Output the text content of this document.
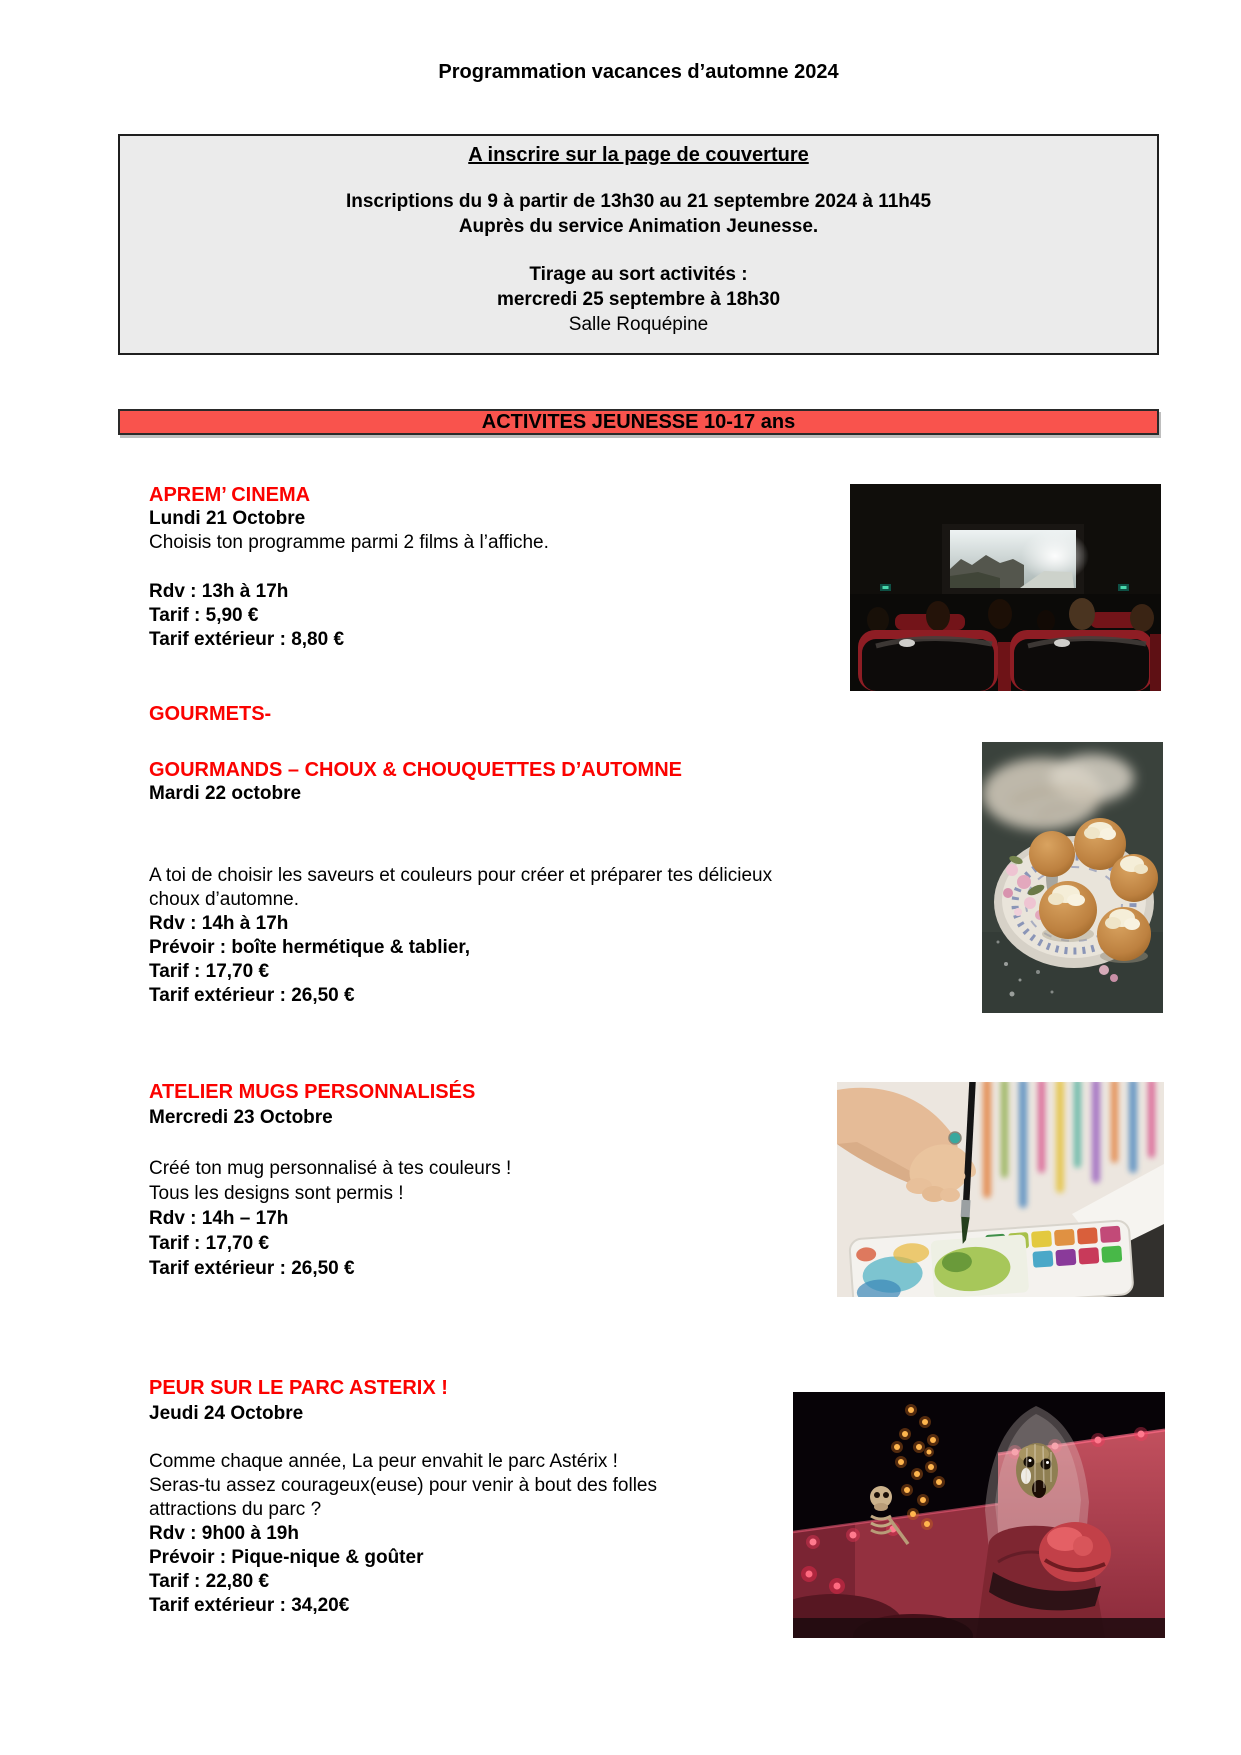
Programmation vacances d’automne 2024
A inscrire sur la page de couverture
Inscriptions du 9 à partir de 13h30 au 21 septembre 2024 à 11h45
Auprès du service Animation Jeunesse.
Tirage au sort activités :
mercredi 25 septembre à 18h30
Salle Roquépine
ACTIVITES JEUNESSE 10-17 ans
APREM’ CINEMA
Lundi 21 Octobre
Choisis ton programme parmi 2 films à l’affiche.
Rdv : 13h à 17h
Tarif : 5,90 €
Tarif extérieur : 8,80 €
GOURMETS-
GOURMANDS – CHOUX & CHOUQUETTES D’AUTOMNE
Mardi 22 octobre
A toi de choisir les saveurs et couleurs pour créer et préparer tes délicieux
choux d’automne.
Rdv : 14h à 17h
Prévoir : boîte hermétique & tablier,
Tarif : 17,70 €
Tarif extérieur : 26,50 €
ATELIER MUGS PERSONNALISÉS
Mercredi 23 Octobre
Créé ton mug personnalisé à tes couleurs !
Tous les designs sont permis !
Rdv : 14h – 17h
Tarif : 17,70 €
Tarif extérieur : 26,50 €
PEUR SUR LE PARC ASTERIX !
Jeudi 24 Octobre
Comme chaque année, La peur envahit le parc Astérix !
Seras-tu assez courageux(euse) pour venir à bout des folles
attractions du parc ?
Rdv : 9h00 à 19h
Prévoir : Pique-nique & goûter
Tarif : 22,80 €
Tarif extérieur : 34,20€
